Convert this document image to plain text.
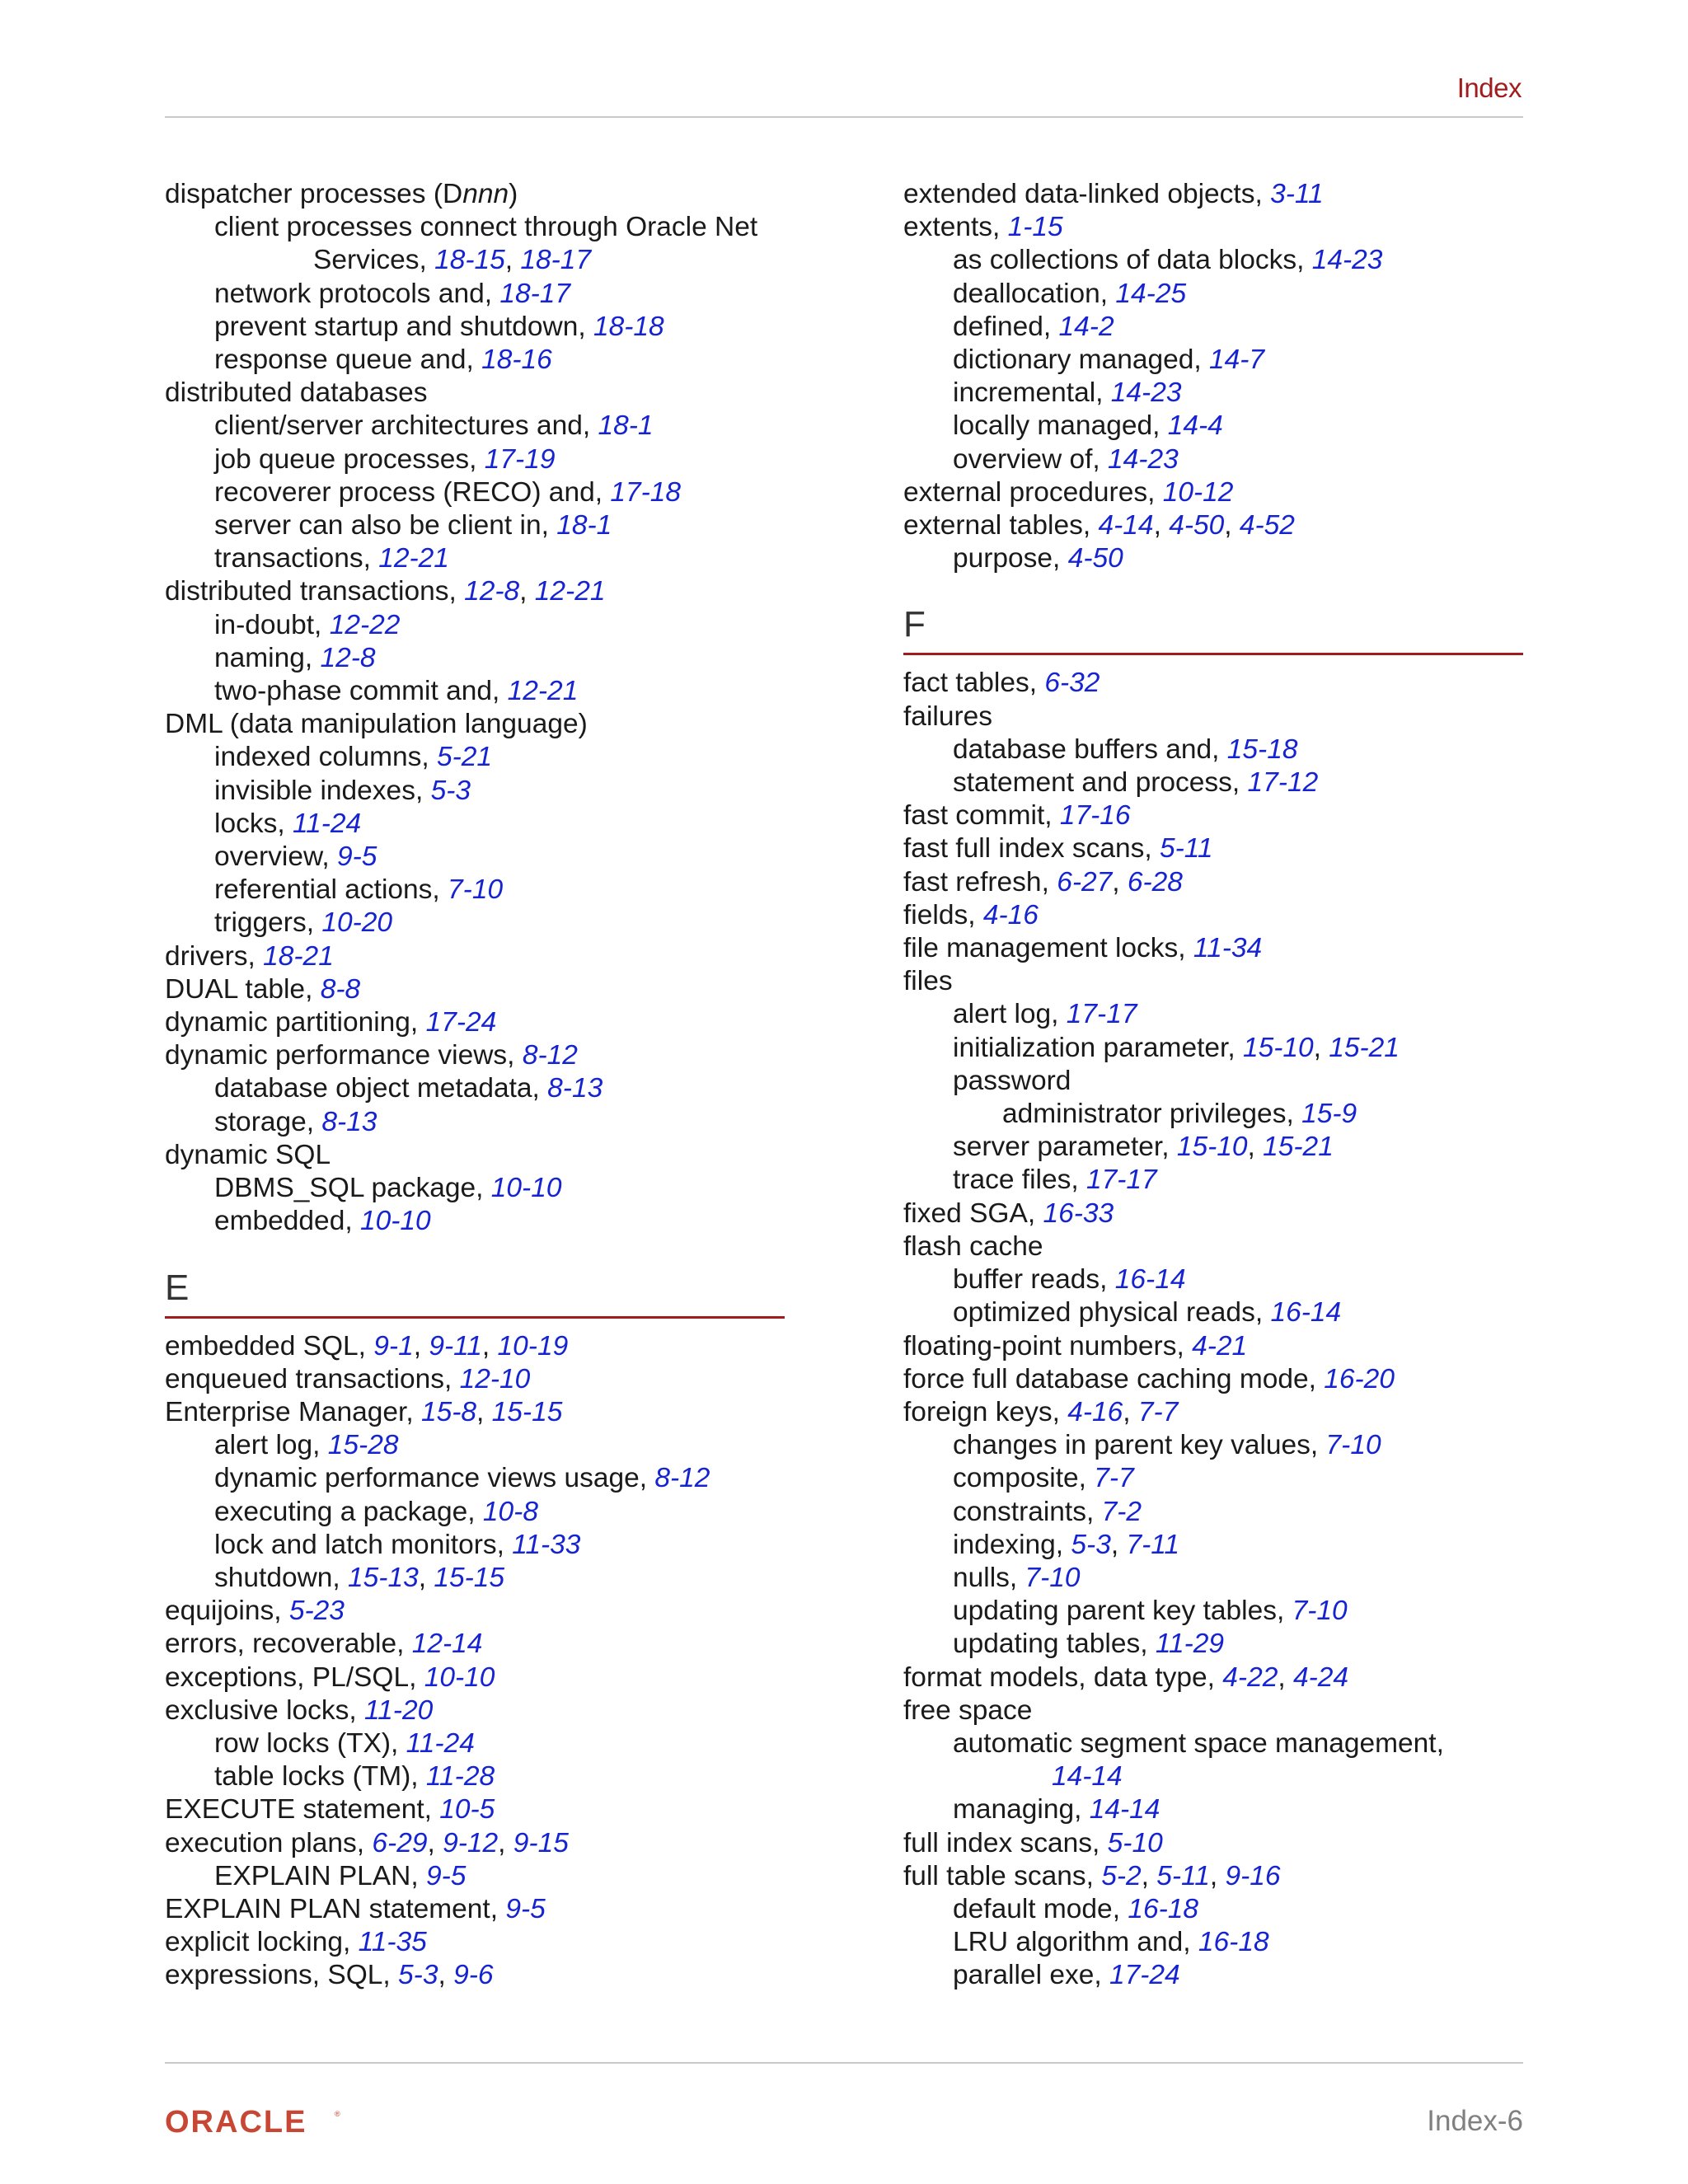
Index
dispatcher processes (Dnnn)
client processes connect through Oracle Net
Services, 18-15, 18-17
network protocols and, 18-17
prevent startup and shutdown, 18-18
response queue and, 18-16
distributed databases
client/server architectures and, 18-1
job queue processes, 17-19
recoverer process (RECO) and, 17-18
server can also be client in, 18-1
transactions, 12-21
distributed transactions, 12-8, 12-21
in-doubt, 12-22
naming, 12-8
two-phase commit and, 12-21
DML (data manipulation language)
indexed columns, 5-21
invisible indexes, 5-3
locks, 11-24
overview, 9-5
referential actions, 7-10
triggers, 10-20
drivers, 18-21
DUAL table, 8-8
dynamic partitioning, 17-24
dynamic performance views, 8-12
database object metadata, 8-13
storage, 8-13
dynamic SQL
DBMS_SQL package, 10-10
embedded, 10-10
E
embedded SQL, 9-1, 9-11, 10-19
enqueued transactions, 12-10
Enterprise Manager, 15-8, 15-15
alert log, 15-28
dynamic performance views usage, 8-12
executing a package, 10-8
lock and latch monitors, 11-33
shutdown, 15-13, 15-15
equijoins, 5-23
errors, recoverable, 12-14
exceptions, PL/SQL, 10-10
exclusive locks, 11-20
row locks (TX), 11-24
table locks (TM), 11-28
EXECUTE statement, 10-5
execution plans, 6-29, 9-12, 9-15
EXPLAIN PLAN, 9-5
EXPLAIN PLAN statement, 9-5
explicit locking, 11-35
expressions, SQL, 5-3, 9-6
extended data-linked objects, 3-11
extents, 1-15
as collections of data blocks, 14-23
deallocation, 14-25
defined, 14-2
dictionary managed, 14-7
incremental, 14-23
locally managed, 14-4
overview of, 14-23
external procedures, 10-12
external tables, 4-14, 4-50, 4-52
purpose, 4-50
F
fact tables, 6-32
failures
database buffers and, 15-18
statement and process, 17-12
fast commit, 17-16
fast full index scans, 5-11
fast refresh, 6-27, 6-28
fields, 4-16
file management locks, 11-34
files
alert log, 17-17
initialization parameter, 15-10, 15-21
password
administrator privileges, 15-9
server parameter, 15-10, 15-21
trace files, 17-17
fixed SGA, 16-33
flash cache
buffer reads, 16-14
optimized physical reads, 16-14
floating-point numbers, 4-21
force full database caching mode, 16-20
foreign keys, 4-16, 7-7
changes in parent key values, 7-10
composite, 7-7
constraints, 7-2
indexing, 5-3, 7-11
nulls, 7-10
updating parent key tables, 7-10
updating tables, 11-29
format models, data type, 4-22, 4-24
free space
automatic segment space management,
14-14
managing, 14-14
full index scans, 5-10
full table scans, 5-2, 5-11, 9-16
default mode, 16-18
LRU algorithm and, 16-18
parallel exe, 17-24
ORACLE	®	Index-6
